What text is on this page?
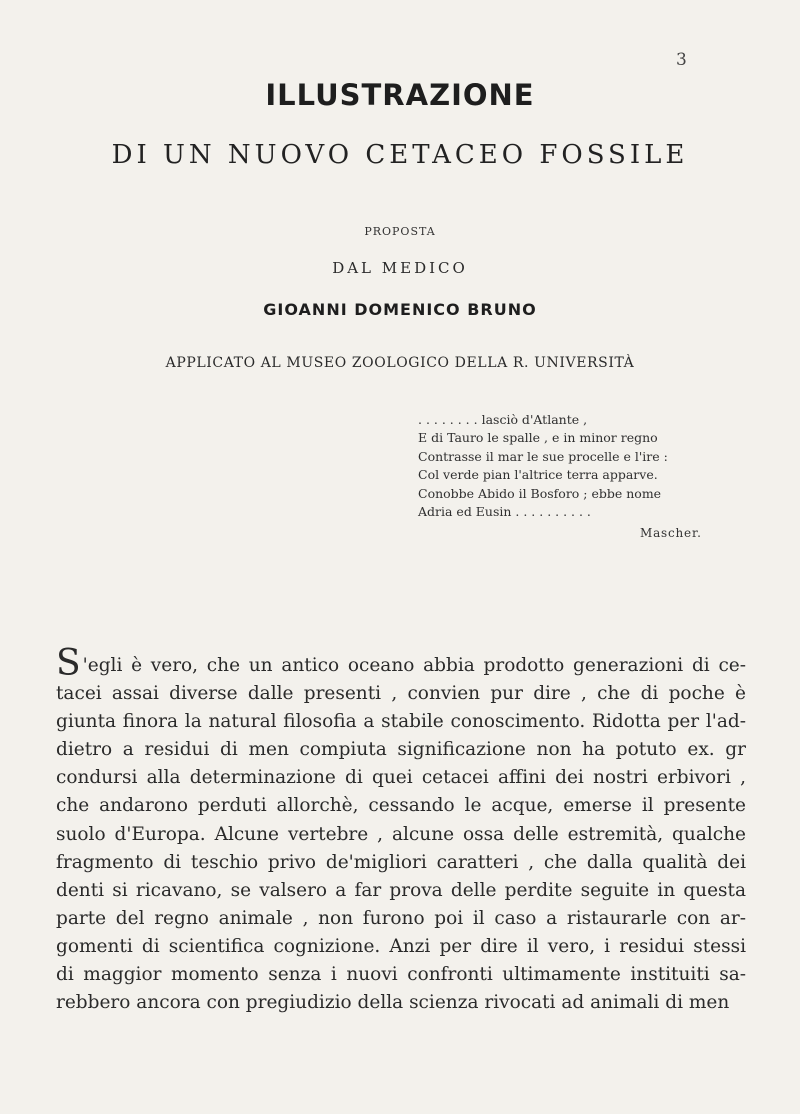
3
ILLUSTRAZIONE
DI UN NUOVO CETACEO FOSSILE
PROPOSTA
DAL MEDICO
GIOANNI DOMENICO BRUNO
APPLICATO AL MUSEO ZOOLOGICO DELLA R. UNIVERSITÀ
. . . . . . . . lasciò d'Atlante ,
E di Tauro le spalle , e in minor regno
Contrasse il mar le sue procelle e l'ire :
Col verde pian l'altrice terra apparve.
Conobbe Abido il Bosforo ; ebbe nome
Adria ed Eusin . . . . . . . . . .
Mascher.
S 'egli è vero, che un antico oceano abbia prodotto generazioni di ce-
tacei assai diverse dalle presenti , convien pur dire , che di poche è
giunta finora la natural filosofia a stabile conoscimento. Ridotta per l'ad-
dietro a residui di men compiuta significazione non ha potuto ex. gr
condursi alla determinazione di quei cetacei affini dei nostri erbivori ,
che andarono perduti allorchè, cessando le acque, emerse il presente
suolo d'Europa. Alcune vertebre , alcune ossa delle estremità, qualche
fragmento di teschio privo de'migliori caratteri , che dalla qualità dei
denti si ricavano, se valsero a far prova delle perdite seguite in questa
parte del regno animale , non furono poi il caso a ristaurarle con ar-
gomenti di scientifica cognizione. Anzi per dire il vero, i residui stessi
di maggior momento senza i nuovi confronti ultimamente instituiti sa-
rebbero ancora con pregiudizio della scienza rivocati ad animali di men
